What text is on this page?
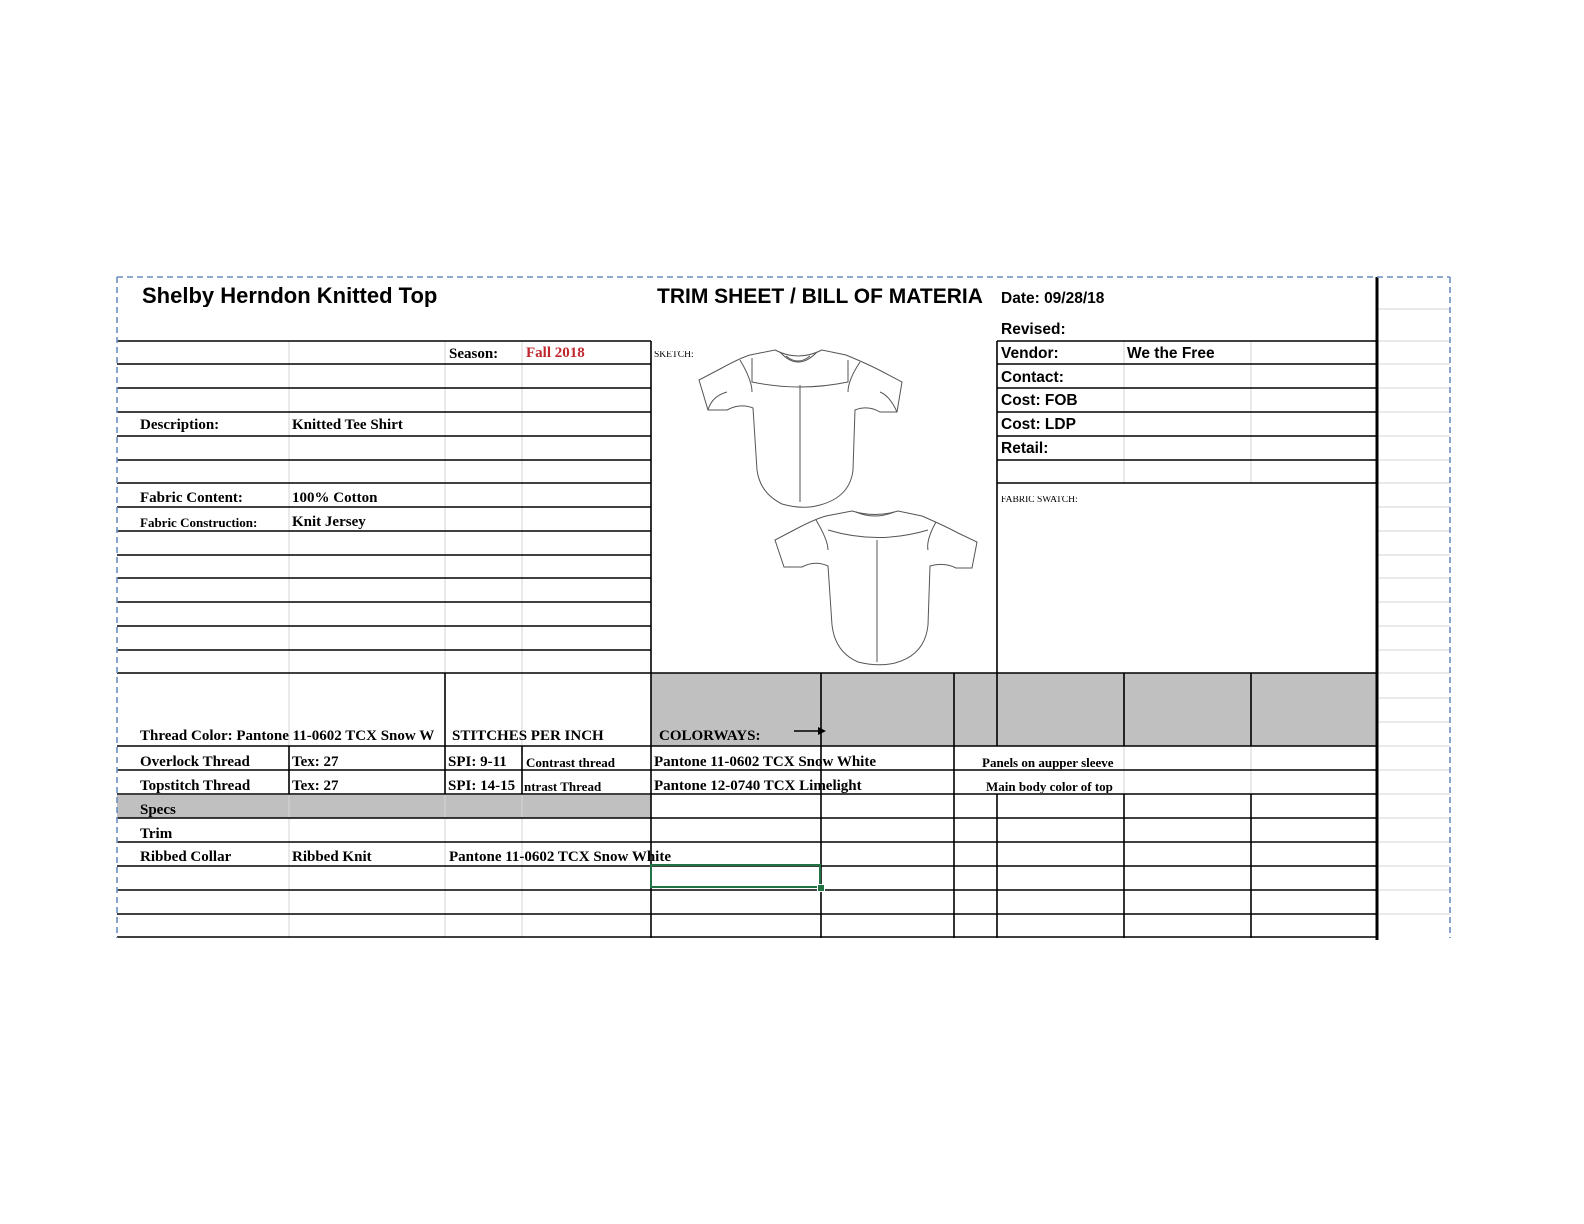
Shelby Herndon Knitted Top	TRIM SHEET / BILL OF MATERIA	Date: 09/28/18
Revised:
Season: Fall 2018
Description:	Knitted Tee Shirt
Fabric Content:	100% Cotton
Fabric Construction: Knit Jersey
SKETCH:	Vendor:	We the Free
Contact:
Cost: FOB
Cost: LDP
Retail:
FABRIC SWATCH:
Thread Color: Pantone 11-0602 TCX Snow W	STITCHES PER INCH	COLORWAYS:
Overlock Thread	Tex: 27	SPI: 9-11 Contrast thread	Pantone 11-0602 TCX Snow White	Panels on aupper sleeve
Topstitch Thread	Tex: 27	SPI: 14-15 ntrast Thread	Pantone 12-0740 TCX Limelight	Main body color of top
Specs
Trim
Ribbed Collar	Ribbed Knit	Pantone 11-0602 TCX Snow White
